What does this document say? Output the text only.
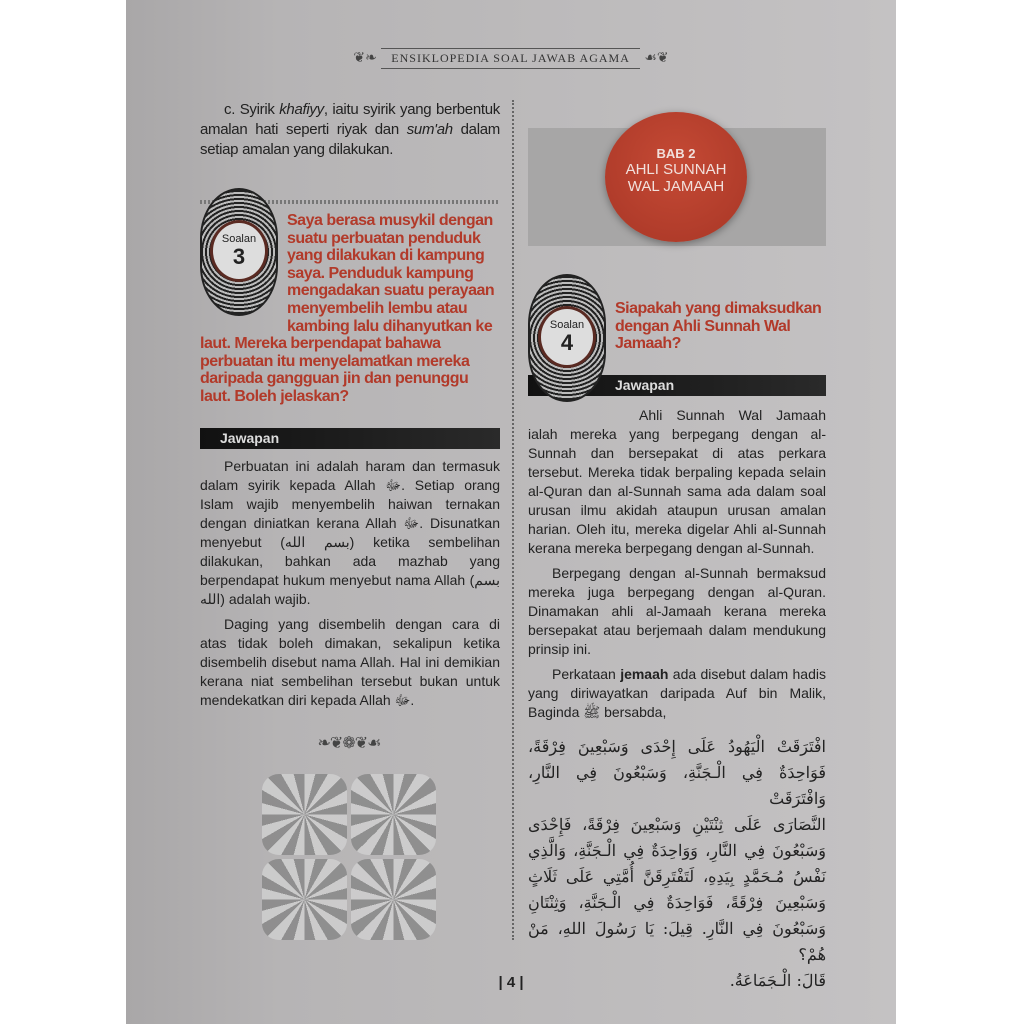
❦❧ ENSIKLOPEDIA SOAL JAWAB AGAMA ☙❦

c. Syirik khafiyy, iaitu syirik yang berbentuk amalan hati seperti riyak dan sum'ah dalam setiap amalan yang dilakukan.

Soalan
3
Saya berasa musykil dengan suatu perbuatan penduduk yang dilakukan di kampung saya. Penduduk kampung mengadakan suatu perayaan menyembelih lembu atau kambing lalu dihanyutkan ke laut. Mereka berpendapat bahawa perbuatan itu menyelamatkan mereka daripada gangguan jin dan penunggu laut. Boleh jelaskan?
Jawapan

Perbuatan ini adalah haram dan termasuk dalam syirik kepada Allah ﷻ. Setiap orang Islam wajib menyembelih haiwan ternakan dengan diniatkan kerana Allah ﷻ. Disunatkan menyebut (بسم الله) ketika sembelihan dilakukan, bahkan ada mazhab yang berpendapat hukum menyebut nama Allah (بسم الله) adalah wajib.

Daging yang disembelih dengan cara di atas tidak boleh dimakan, sekalipun ketika disembelih disebut nama Allah. Hal ini demikian kerana niat sembelihan tersebut bukan untuk mendekatkan diri kepada Allah ﷻ.

❧❦❁❦☙
BAB 2
AHLI SUNNAH WAL JAMAAH
Soalan
4
Siapakah yang dimaksudkan dengan Ahli Sunnah Wal Jamaah?
Jawapan

Ahli Sunnah Wal Jamaah ialah mereka yang berpegang dengan al-Sunnah dan bersepakat di atas perkara tersebut. Mereka tidak berpaling kepada selain al-Quran dan al-Sunnah sama ada dalam soal urusan ilmu akidah ataupun urusan amalan harian. Oleh itu, mereka digelar Ahli al-Sunnah kerana mereka berpegang dengan al-Sunnah.

Berpegang dengan al-Sunnah bermaksud mereka juga berpegang dengan al-Quran. Dinamakan ahli al-Jamaah kerana mereka bersepakat atau berjemaah dalam mendukung prinsip ini.

Perkataan jemaah ada disebut dalam hadis yang diriwayatkan daripada Auf bin Malik, Baginda ﷺ bersabda,

افْتَرَقَتْ الْيَهُودُ عَلَى إِحْدَى وَسَبْعِينَ فِرْقَةً،
فَوَاحِدَةٌ فِي الْـجَنَّةِ، وَسَبْعُونَ فِي النَّارِ، وَافْتَرَقَتْ
النَّصَارَى عَلَى ثِنْتَيْنِ وَسَبْعِينَ فِرْقَةً، فَإِحْدَى
وَسَبْعُونَ فِي النَّارِ، وَوَاحِدَةٌ فِي الْـجَنَّةِ، وَالَّذِي
نَفْسُ مُـحَمَّدٍ بِيَدِهِ، لَتَفْتَرِقَنَّ أُمَّتِي عَلَى ثَلَاثٍ
وَسَبْعِينَ فِرْقَةً، فَوَاحِدَةٌ فِي الْـجَنَّةِ، وَثِنْتَانِ
وَسَبْعُونَ فِي النَّارِ. قِيلَ: يَا رَسُولَ اللهِ، مَنْ هُمْ؟
قَالَ: الْـجَمَاعَةُ.
| 4 |
